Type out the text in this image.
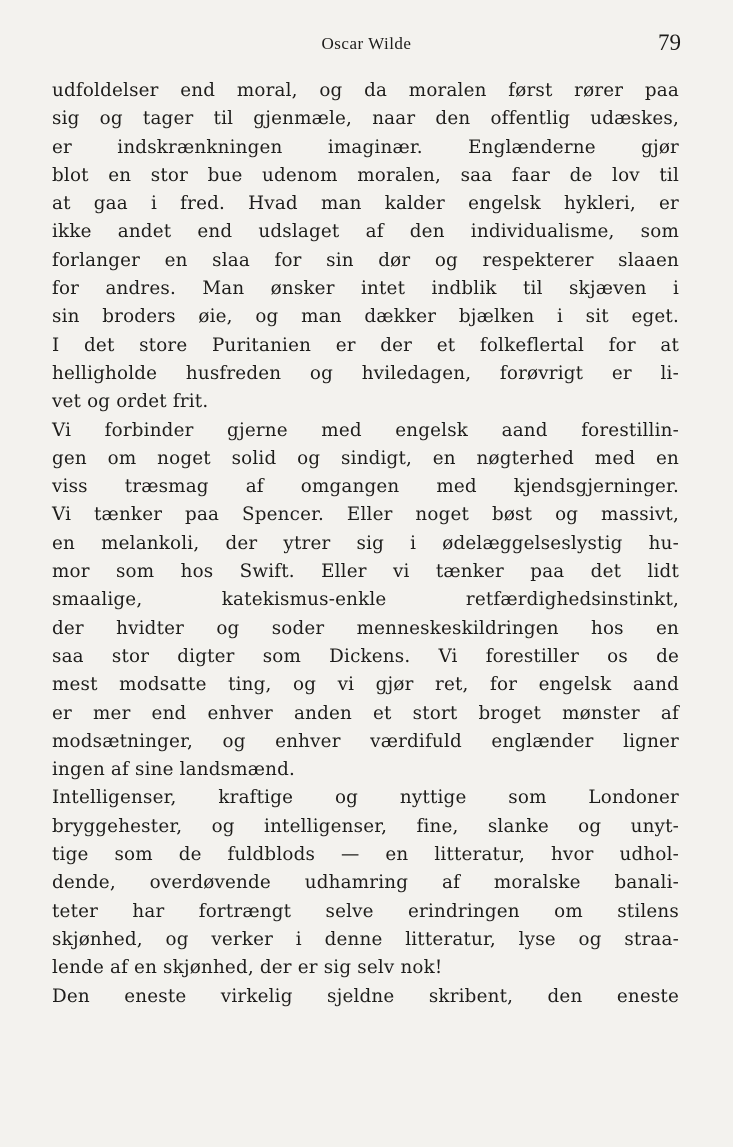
Oscar Wilde	79
udfoldelser end moral, og da moralen først rører paa
sig og tager til gjenmæle, naar den offentlig udæskes,
er indskrænkningen imaginær. Englænderne gjør
blot en stor bue udenom moralen, saa faar de lov til
at gaa i fred. Hvad man kalder engelsk hykleri, er
ikke andet end udslaget af den individualisme, som
forlanger en slaa for sin dør og respekterer slaaen
for andres. Man ønsker intet indblik til skjæven i
sin broders øie, og man dækker bjælken i sit eget.
I det store Puritanien er der et folkeflertal for at
helligholde husfreden og hviledagen, forøvrigt er li-
vet og ordet frit.
Vi forbinder gjerne med engelsk aand forestillin-
gen om noget solid og sindigt, en nøgterhed med en
viss træsmag af omgangen med kjendsgjerninger.
Vi tænker paa Spencer. Eller noget bøst og massivt,
en melankoli, der ytrer sig i ødelæggelseslystig hu-
mor som hos Swift. Eller vi tænker paa det lidt
smaalige, katekismus-enkle retfærdighedsinstinkt,
der hvidter og soder menneskeskildringen hos en
saa stor digter som Dickens. Vi forestiller os de
mest modsatte ting, og vi gjør ret, for engelsk aand
er mer end enhver anden et stort broget mønster af
modsætninger, og enhver værdifuld englænder ligner
ingen af sine landsmænd.
Intelligenser, kraftige og nyttige som Londoner
bryggehester, og intelligenser, fine, slanke og unyt-
tige som de fuldblods — en litteratur, hvor udhol-
dende, overdøvende udhamring af moralske banali-
teter har fortrængt selve erindringen om stilens
skjønhed, og verker i denne litteratur, lyse og straa-
lende af en skjønhed, der er sig selv nok!
Den eneste virkelig sjeldne skribent, den eneste
